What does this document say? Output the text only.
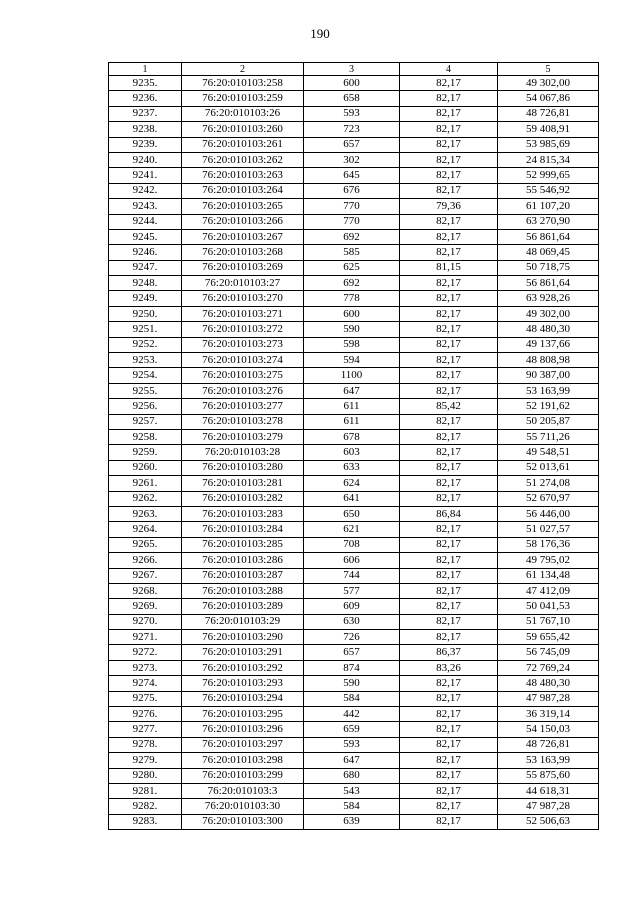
190
1	2	3	4	5
9235.	76:20:010103:258	600	82,17	49 302,00
9236.	76:20:010103:259	658	82,17	54 067,86
9237.	76:20:010103:26	593	82,17	48 726,81
9238.	76:20:010103:260	723	82,17	59 408,91
9239.	76:20:010103:261	657	82,17	53 985,69
9240.	76:20:010103:262	302	82,17	24 815,34
9241.	76:20:010103:263	645	82,17	52 999,65
9242.	76:20:010103:264	676	82,17	55 546,92
9243.	76:20:010103:265	770	79,36	61 107,20
9244.	76:20:010103:266	770	82,17	63 270,90
9245.	76:20:010103:267	692	82,17	56 861,64
9246.	76:20:010103:268	585	82,17	48 069,45
9247.	76:20:010103:269	625	81,15	50 718,75
9248.	76:20:010103:27	692	82,17	56 861,64
9249.	76:20:010103:270	778	82,17	63 928,26
9250.	76:20:010103:271	600	82,17	49 302,00
9251.	76:20:010103:272	590	82,17	48 480,30
9252.	76:20:010103:273	598	82,17	49 137,66
9253.	76:20:010103:274	594	82,17	48 808,98
9254.	76:20:010103:275	1100	82,17	90 387,00
9255.	76:20:010103:276	647	82,17	53 163,99
9256.	76:20:010103:277	611	85,42	52 191,62
9257.	76:20:010103:278	611	82,17	50 205,87
9258.	76:20:010103:279	678	82,17	55 711,26
9259.	76:20:010103:28	603	82,17	49 548,51
9260.	76:20:010103:280	633	82,17	52 013,61
9261.	76:20:010103:281	624	82,17	51 274,08
9262.	76:20:010103:282	641	82,17	52 670,97
9263.	76:20:010103:283	650	86,84	56 446,00
9264.	76:20:010103:284	621	82,17	51 027,57
9265.	76:20:010103:285	708	82,17	58 176,36
9266.	76:20:010103:286	606	82,17	49 795,02
9267.	76:20:010103:287	744	82,17	61 134,48
9268.	76:20:010103:288	577	82,17	47 412,09
9269.	76:20:010103:289	609	82,17	50 041,53
9270.	76:20:010103:29	630	82,17	51 767,10
9271.	76:20:010103:290	726	82,17	59 655,42
9272.	76:20:010103:291	657	86,37	56 745,09
9273.	76:20:010103:292	874	83,26	72 769,24
9274.	76:20:010103:293	590	82,17	48 480,30
9275.	76:20:010103:294	584	82,17	47 987,28
9276.	76:20:010103:295	442	82,17	36 319,14
9277.	76:20:010103:296	659	82,17	54 150,03
9278.	76:20:010103:297	593	82,17	48 726,81
9279.	76:20:010103:298	647	82,17	53 163,99
9280.	76:20:010103:299	680	82,17	55 875,60
9281.	76:20:010103:3	543	82,17	44 618,31
9282.	76:20:010103:30	584	82,17	47 987,28
9283.	76:20:010103:300	639	82,17	52 506,63
